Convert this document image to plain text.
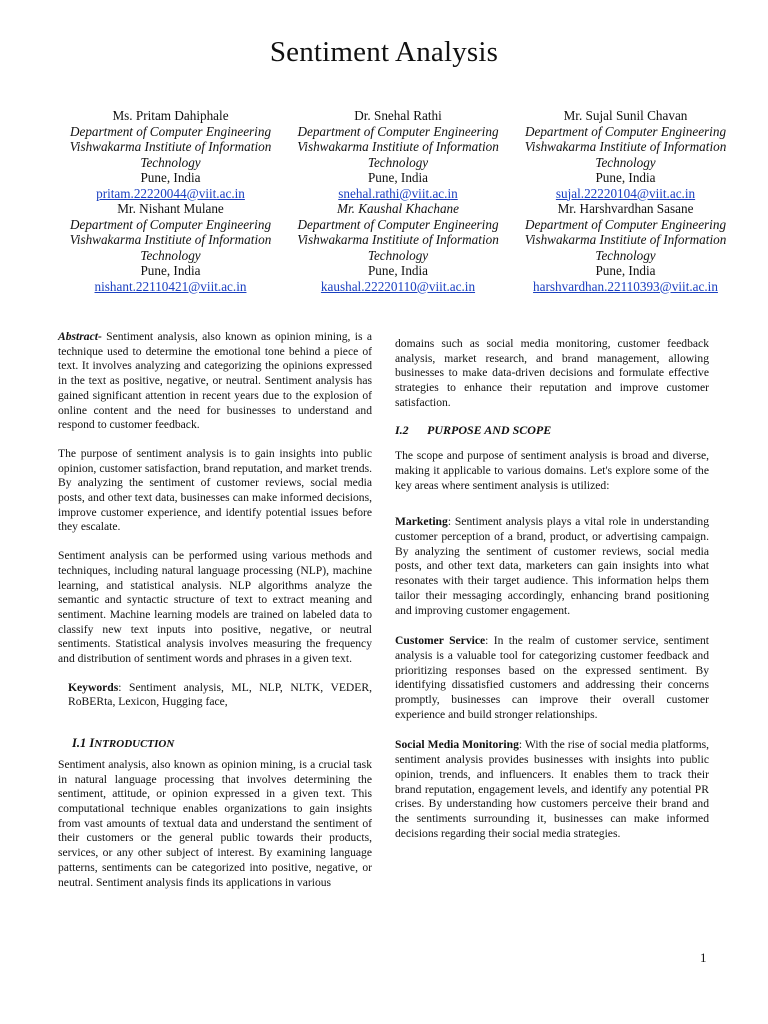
Sentiment Analysis
Ms. Pritam Dahiphale
Department of Computer Engineering
Vishwakarma Institiute of Information Technology
Pune, India
pritam.22220044@viit.ac.in
Dr. Snehal Rathi
Department of Computer Engineering
Vishwakarma Institiute of Information Technology
Pune, India
snehal.rathi@viit.ac.in
Mr. Sujal Sunil Chavan
Department of Computer Engineering
Vishwakarma Institiute of Information Technology
Pune, India
sujal.22220104@viit.ac.in
Mr. Nishant Mulane
Department of Computer Engineering
Vishwakarma Institiute of Information Technology
Pune, India
nishant.22110421@viit.ac.in
Mr. Kaushal Khachane
Department of Computer Engineering
Vishwakarma Institiute of Information Technology
Pune, India
kaushal.22220110@viit.ac.in
Mr. Harshvardhan Sasane
Department of Computer Engineering
Vishwakarma Institiute of Information Technology
Pune, India
harshvardhan.22110393@viit.ac.in

Abstract- Sentiment analysis, also known as opinion mining, is a technique used to determine the emotional tone behind a piece of text. It involves analyzing and categorizing the opinions expressed in the text as positive, negative, or neutral. Sentiment analysis has gained significant attention in recent years due to the explosion of online content and the need for businesses to understand and respond to customer feedback.

The purpose of sentiment analysis is to gain insights into public opinion, customer satisfaction, brand reputation, and market trends. By analyzing the sentiment of customer reviews, social media posts, and other text data, businesses can make informed decisions, improve customer experience, and identify potential issues before they escalate.

Sentiment analysis can be performed using various methods and techniques, including natural language processing (NLP), machine learning, and statistical analysis. NLP algorithms analyze the semantic and syntactic structure of text to extract meaning and sentiment. Machine learning models are trained on labeled data to classify new text inputs into positive, negative, or neutral sentiments. Statistical analysis involves measuring the frequency and distribution of sentiment words and phrases in a given text.

Keywords: Sentiment analysis, ML, NLP, NLTK, VEDER, RoBERta, Lexicon, Hugging face,

I.1 INTRODUCTION

Sentiment analysis, also known as opinion mining, is a crucial task in natural language processing that involves determining the sentiment, attitude, or opinion expressed in a given text. This computational technique enables organizations to gain insights from vast amounts of textual data and understand the sentiment of their customers or the general public towards their products, services, or any other subject of interest. By examining language patterns, sentiments can be categorized into positive, negative, or neutral. Sentiment analysis finds its applications in various

domains such as social media monitoring, customer feedback analysis, market research, and brand management, allowing businesses to make data-driven decisions and formulate effective strategies to enhance their reputation and improve customer satisfaction.

I.2 PURPOSE AND SCOPE

The scope and purpose of sentiment analysis is broad and diverse, making it applicable to various domains. Let's explore some of the key areas where sentiment analysis is utilized:

Marketing: Sentiment analysis plays a vital role in understanding customer perception of a brand, product, or advertising campaign. By analyzing the sentiment of customer reviews, social media posts, and other text data, marketers can gain insights into what resonates with their target audience. This information helps them tailor their messaging accordingly, enhancing brand positioning and improving customer engagement.

Customer Service: In the realm of customer service, sentiment analysis is a valuable tool for categorizing customer feedback and prioritizing responses based on the expressed sentiment. By identifying dissatisfied customers and addressing their concerns promptly, businesses can improve their overall customer experience and build stronger relationships.

Social Media Monitoring: With the rise of social media platforms, sentiment analysis provides businesses with insights into public opinion, trends, and influencers. It enables them to track their brand reputation, engagement levels, and identify any potential PR crises. By understanding how customers perceive their brand and the sentiments surrounding it, businesses can make informed decisions regarding their social media strategies.

1
